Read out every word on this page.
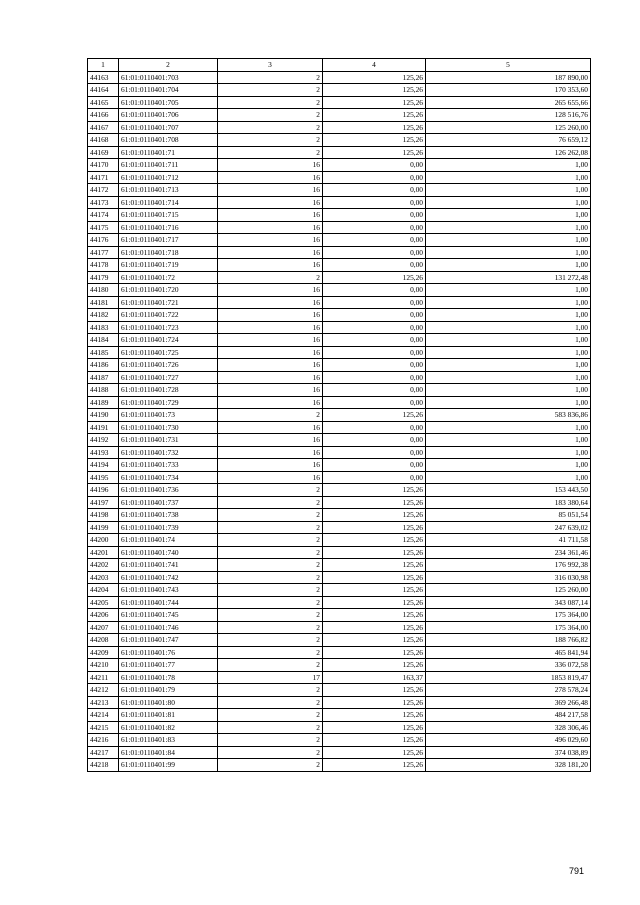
1	2	3	4	5
44163	61:01:0110401:703	2	125,26	187 890,00
44164	61:01:0110401:704	2	125,26	170 353,60
44165	61:01:0110401:705	2	125,26	265 655,66
44166	61:01:0110401:706	2	125,26	128 516,76
44167	61:01:0110401:707	2	125,26	125 260,00
44168	61:01:0110401:708	2	125,26	76 659,12
44169	61:01:0110401:71	2	125,26	126 262,08
44170	61:01:0110401:711	16	0,00	1,00
44171	61:01:0110401:712	16	0,00	1,00
44172	61:01:0110401:713	16	0,00	1,00
44173	61:01:0110401:714	16	0,00	1,00
44174	61:01:0110401:715	16	0,00	1,00
44175	61:01:0110401:716	16	0,00	1,00
44176	61:01:0110401:717	16	0,00	1,00
44177	61:01:0110401:718	16	0,00	1,00
44178	61:01:0110401:719	16	0,00	1,00
44179	61:01:0110401:72	2	125,26	131 272,48
44180	61:01:0110401:720	16	0,00	1,00
44181	61:01:0110401:721	16	0,00	1,00
44182	61:01:0110401:722	16	0,00	1,00
44183	61:01:0110401:723	16	0,00	1,00
44184	61:01:0110401:724	16	0,00	1,00
44185	61:01:0110401:725	16	0,00	1,00
44186	61:01:0110401:726	16	0,00	1,00
44187	61:01:0110401:727	16	0,00	1,00
44188	61:01:0110401:728	16	0,00	1,00
44189	61:01:0110401:729	16	0,00	1,00
44190	61:01:0110401:73	2	125,26	583 836,86
44191	61:01:0110401:730	16	0,00	1,00
44192	61:01:0110401:731	16	0,00	1,00
44193	61:01:0110401:732	16	0,00	1,00
44194	61:01:0110401:733	16	0,00	1,00
44195	61:01:0110401:734	16	0,00	1,00
44196	61:01:0110401:736	2	125,26	153 443,50
44197	61:01:0110401:737	2	125,26	183 380,64
44198	61:01:0110401:738	2	125,26	85 051,54
44199	61:01:0110401:739	2	125,26	247 639,02
44200	61:01:0110401:74	2	125,26	41 711,58
44201	61:01:0110401:740	2	125,26	234 361,46
44202	61:01:0110401:741	2	125,26	176 992,38
44203	61:01:0110401:742	2	125,26	316 030,98
44204	61:01:0110401:743	2	125,26	125 260,00
44205	61:01:0110401:744	2	125,26	343 087,14
44206	61:01:0110401:745	2	125,26	175 364,00
44207	61:01:0110401:746	2	125,26	175 364,00
44208	61:01:0110401:747	2	125,26	188 766,82
44209	61:01:0110401:76	2	125,26	465 841,94
44210	61:01:0110401:77	2	125,26	336 072,58
44211	61:01:0110401:78	17	163,37	1853 819,47
44212	61:01:0110401:79	2	125,26	278 578,24
44213	61:01:0110401:80	2	125,26	369 266,48
44214	61:01:0110401:81	2	125,26	484 217,58
44215	61:01:0110401:82	2	125,26	328 306,46
44216	61:01:0110401:83	2	125,26	496 029,60
44217	61:01:0110401:84	2	125,26	374 038,89
44218	61:01:0110401:99	2	125,26	328 181,20
791
